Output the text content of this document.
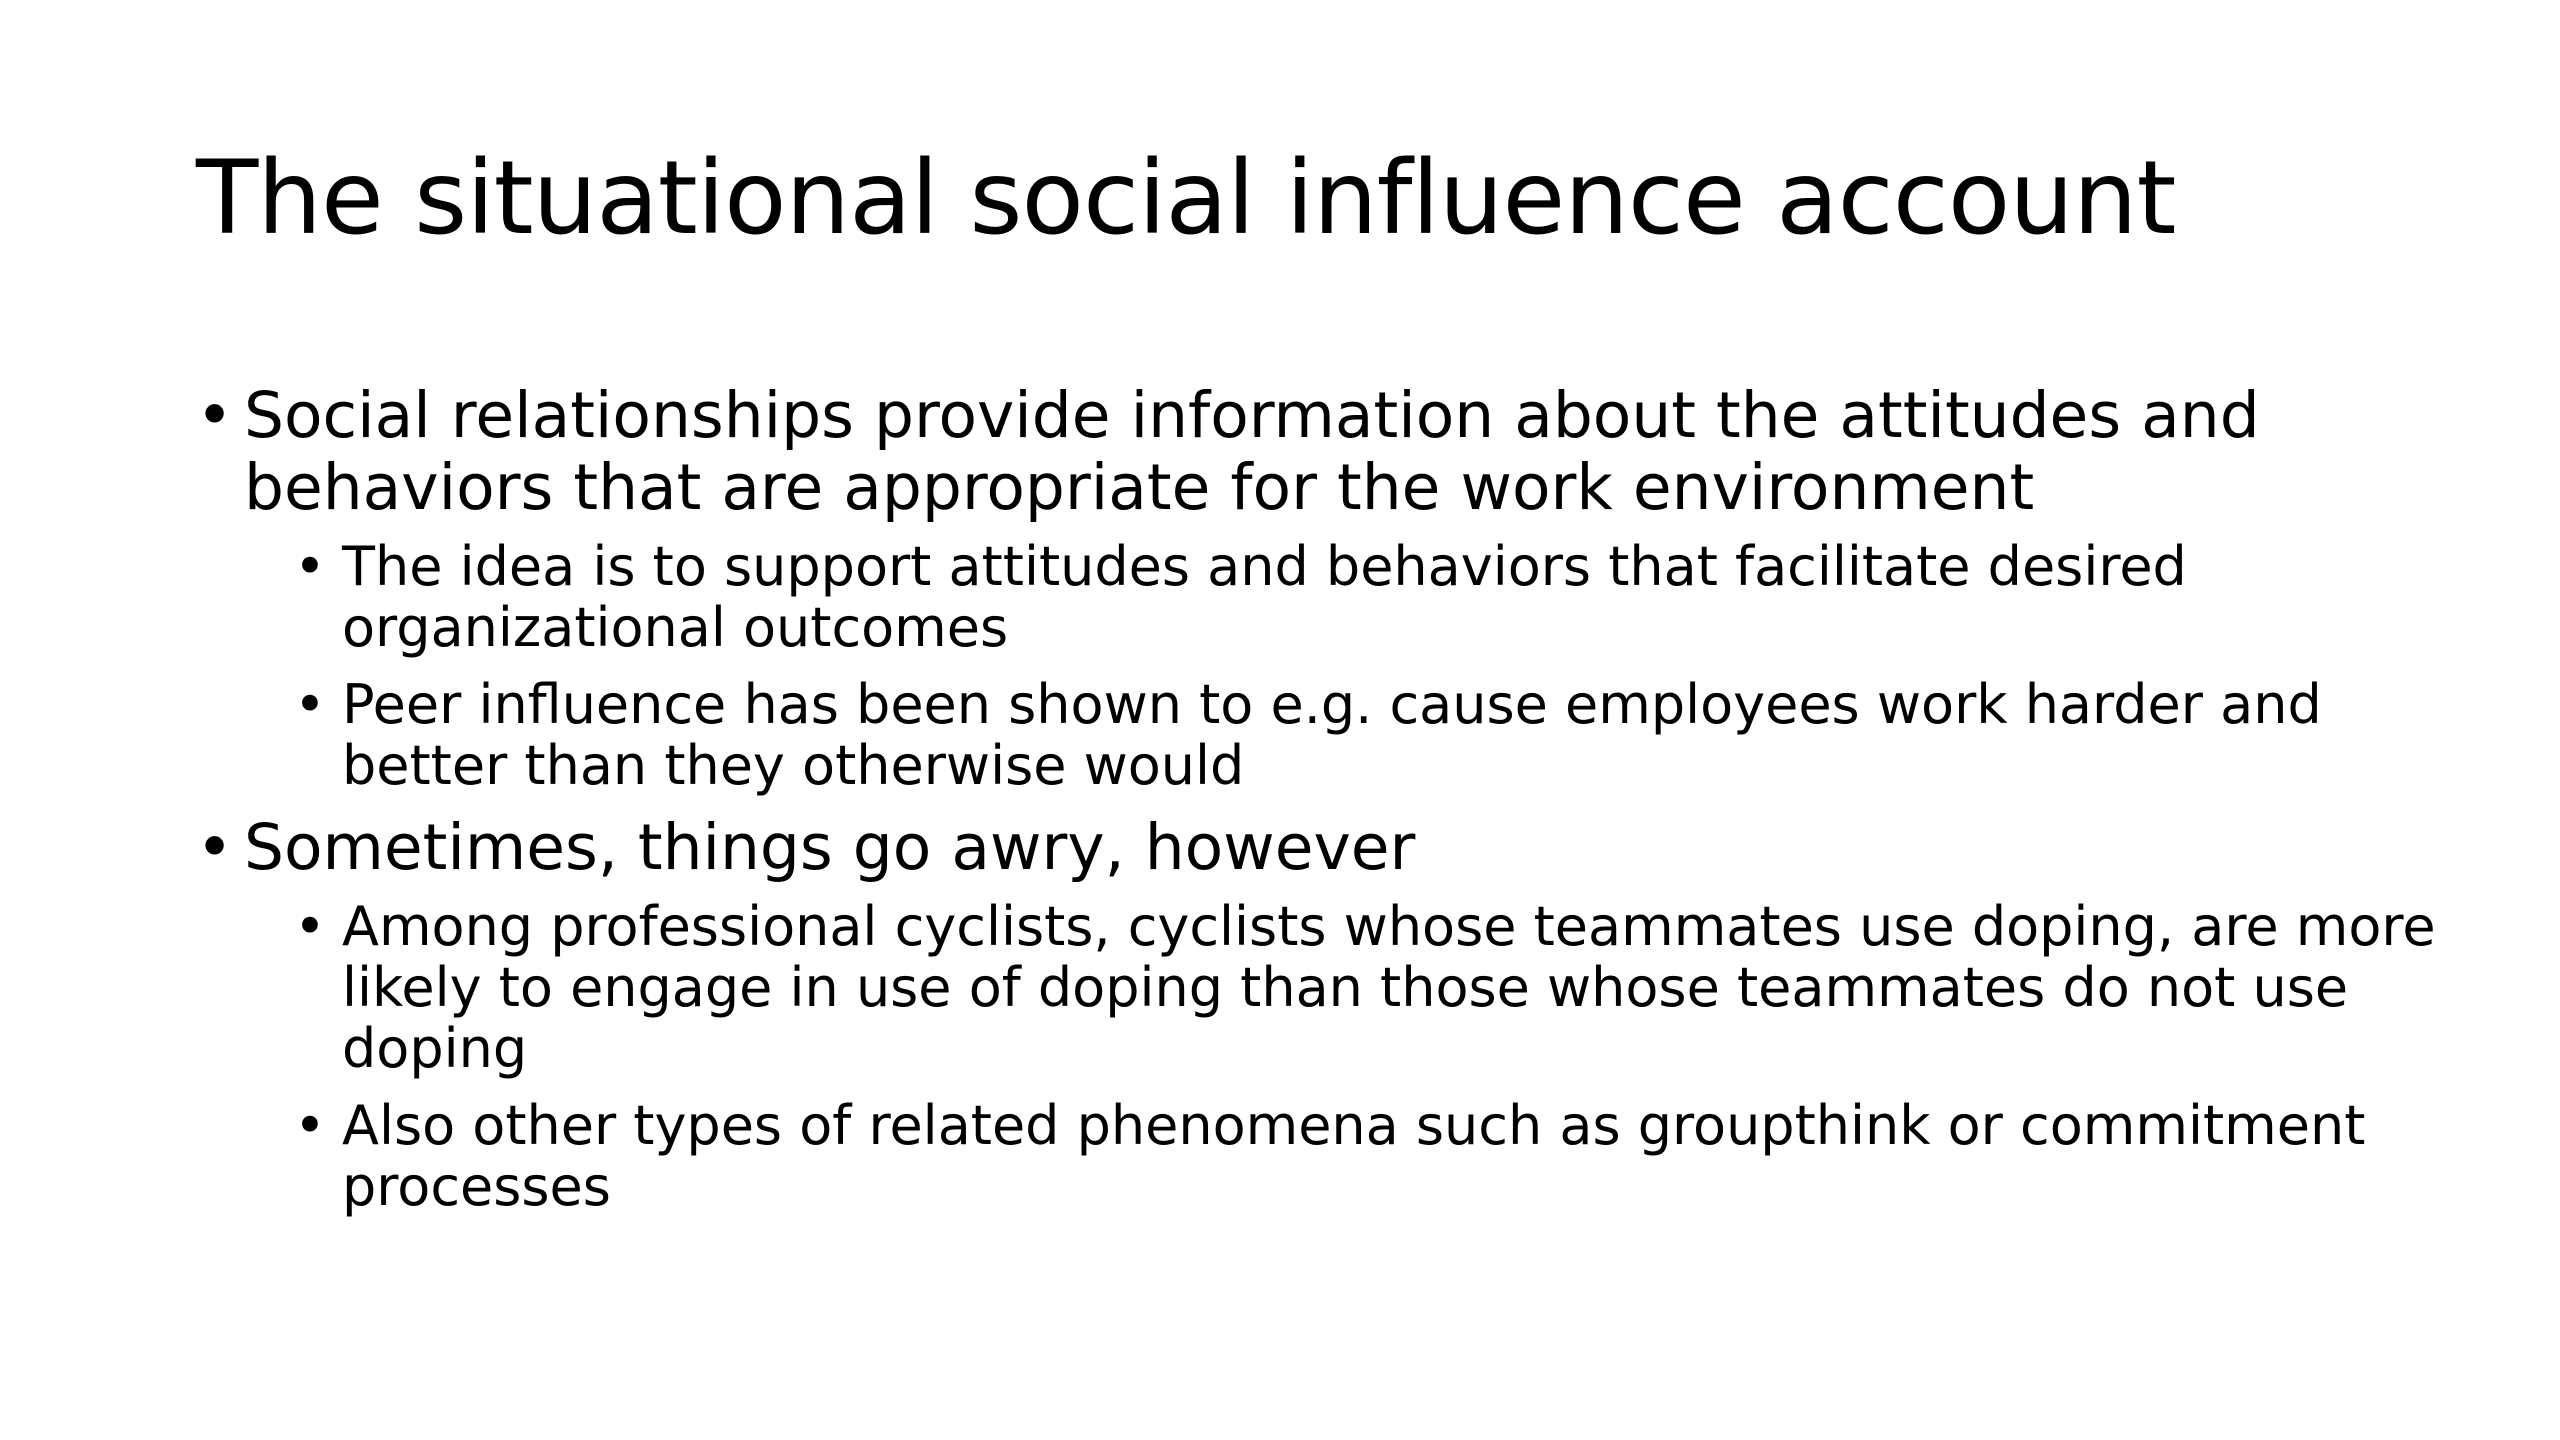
The situational social influence account
• Social relationships provide information about the attitudes and behaviors that are appropriate for the work environment
• The idea is to support attitudes and behaviors that facilitate desired organizational outcomes
• Peer influence has been shown to e.g. cause employees work harder and better than they otherwise would
• Sometimes, things go awry, however
• Among professional cyclists, cyclists whose teammates use doping, are more likely to engage in use of doping than those whose teammates do not use doping
• Also other types of related phenomena such as groupthink or commitment processes
